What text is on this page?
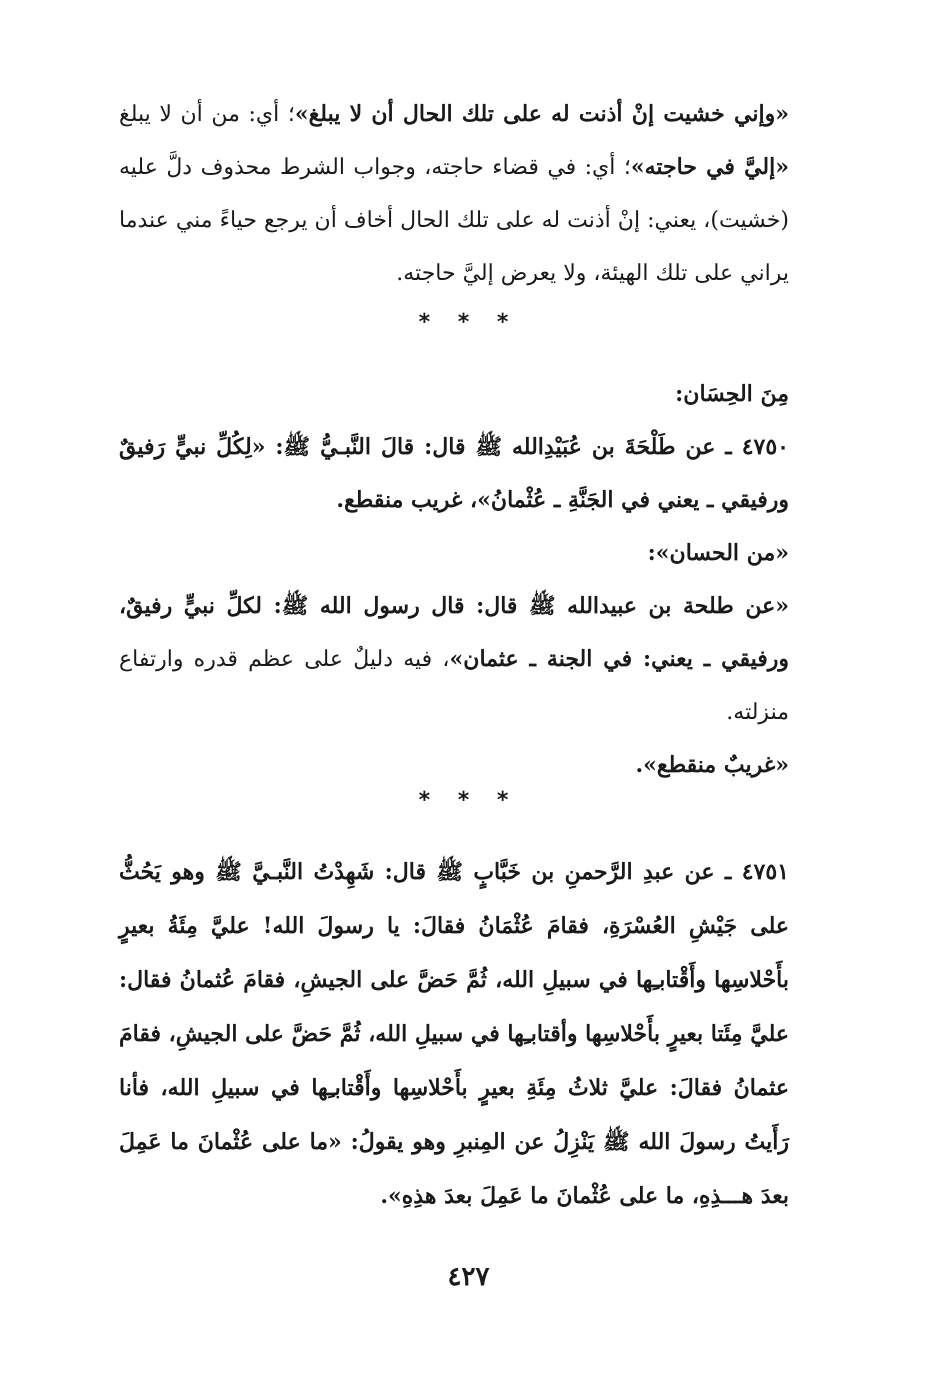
«وإني خشيت إنْ أذنت له على تلك الحال أن لا يبلغ»؛ أي: من أن لا يبلغ «إليَّ في حاجته»؛ أي: في قضاء حاجته، وجواب الشرط محذوف دلَّ عليه (خشيت)، يعني: إنْ أذنت له على تلك الحال أخاف أن يرجع حياءً مني عندما يراني على تلك الهيئة، ولا يعرض إليَّ حاجته.

* * *

مِنَ الحِسَان:

٤٧٥٠ ـ عن طَلْحَةَ بن عُبَيْدِالله ﷺ قال: قالَ النَّبـيُّ ﷺ: «لِكُلِّ نبيٍّ رَفيقٌ ورفيقي ـ يعني في الجَنَّةِ ـ عُثْمانُ»، غريب منقطع.

«من الحسان»:

«عن طلحة بن عبيدالله ﷺ قال: قال رسول الله ﷺ: لكلِّ نبيٍّ رفيقٌ، ورفيقي ـ يعني: في الجنة ـ عثمان»، فيه دليلٌ على عظم قدره وارتفاع منزلته.

«غريبٌ منقطع».

* * *

٤٧٥١ ـ عن عبدِ الرَّحمنِ بن خَبَّابٍ ﷺ قال: شَهِدْتُ النَّبـيَّ ﷺ وهو يَحُثُّ على جَيْشِ العُسْرَةِ، فقامَ عُثْمَانُ فقالَ: يا رسولَ الله! عليَّ مِئَةُ بعيرٍ بأَحْلاسِها وأَقْتابـِها في سبيلِ الله، ثُمَّ حَضَّ على الجيشِ، فقامَ عُثمانُ فقال: عليَّ مِئَتا بعيرٍ بأَحْلاسِها وأقتابـِها في سبيلِ الله، ثُمَّ حَضَّ على الجيشِ، فقامَ عثمانُ فقالَ: عليَّ ثلاثُ مِئَةِ بعيرٍ بأَحْلاسِها وأَقْتابـِها في سبيلِ الله، فأنا رَأَيتُ رسولَ الله ﷺ يَنْزِلُ عن المِنبرِ وهو يقولُ: «ما على عُثْمانَ ما عَمِلَ بعدَ هـــذِهِ، ما على عُثْمانَ ما عَمِلَ بعدَ هذِهِ».

٤٢٧
